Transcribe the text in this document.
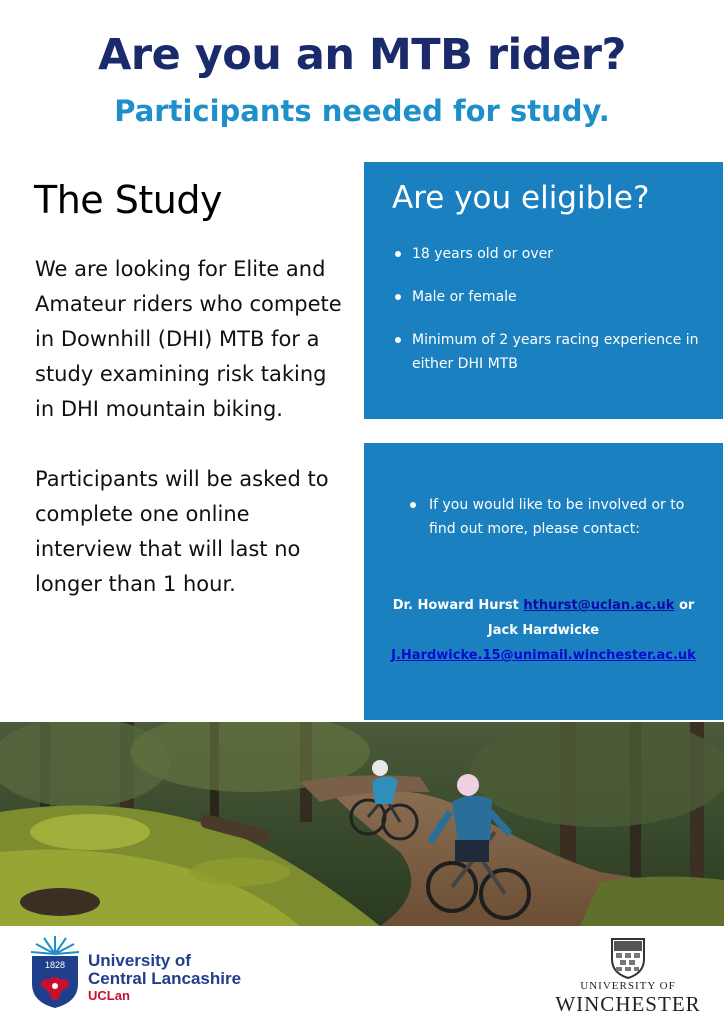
Are you an MTB rider?
Participants needed for study.
The Study

We are looking for Elite and Amateur riders who compete in Downhill (DHI) MTB for a study examining risk taking in DHI mountain biking.

Participants will be asked to complete one online interview that will last no longer than 1 hour.

Are you eligible?
18 years old or over
Male or female
Minimum of 2 years racing experience in either DHI MTB
If you would like to be involved or to find out more, please contact:
Dr. Howard Hurst hthurst@uclan.ac.uk or
Jack Hardwicke
J.Hardwicke.15@unimail.winchester.ac.uk
1828 University of
Central Lancashire
UCLan
UNIVERSITY OF
WINCHESTER
